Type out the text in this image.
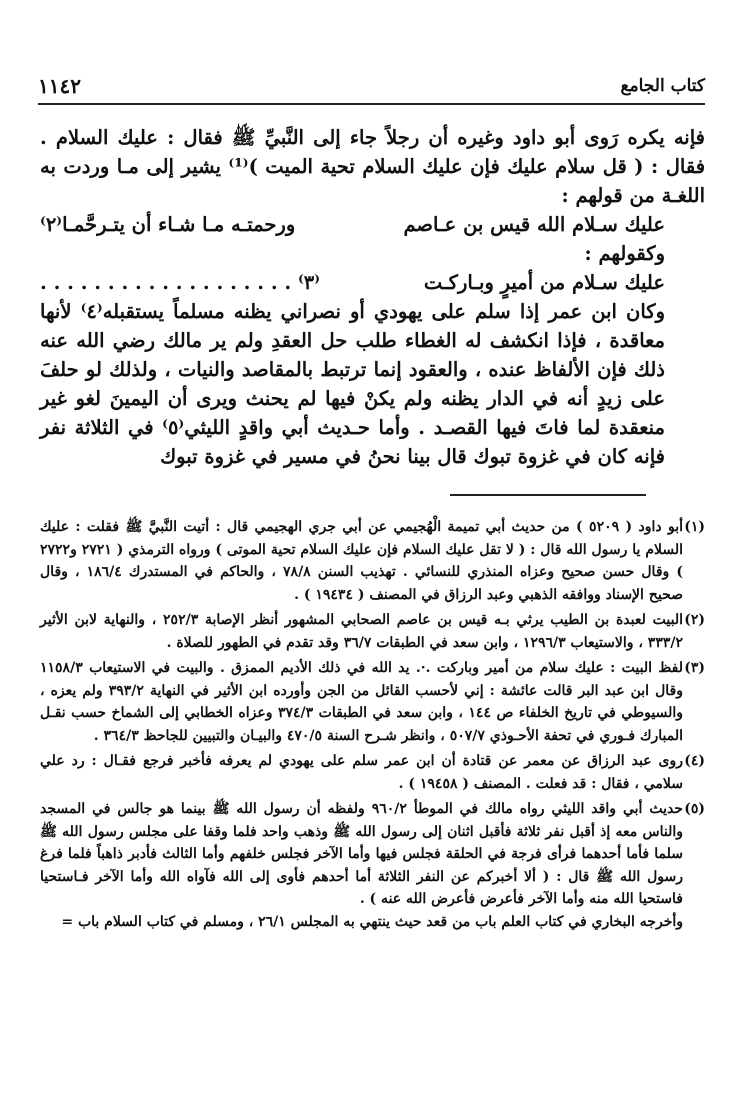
كتاب الجامع
١١٤٢

فإنه يكره رَوى أبو داود وغيره أن رجلاً جاء إلى النَّبيِّ ﷺ فقال : عليك السلام . فقال : ( قل سلام عليك فإن عليك السلام تحية الميت )⁽¹⁾ يشير إلى مـا وردت به اللغـة من قولهم :

عليك سـلام الله قيس بن عـاصم
ورحمتـه مـا شـاء أن يتـرحَّمـا⁽٢⁾

وكقولهم :

عليك سـلام من أميرٍ وبـاركـت
⁽٣⁾ . . . . . . . . . . . . . . . . . . .

وكان ابن عمر إذا سلم على يهودي أو نصراني يظنه مسلماً يستقبله⁽٤⁾ لأنها معاقدة ، فإذا انكشف له الغطاء طلب حل العقدِ ولم ير مالك رضي الله عنه ذلك فإن الألفاظ عنده ، والعقود إنما ترتبط بالمقاصد والنيات ، ولذلك لو حلفَ على زيدٍ أنه في الدار يظنه ولم يكنْ فيها لم يحنث ويرى أن اليمينَ لغو غير منعقدة لما فاتَ فيها القصـد . وأما حـديث أبي واقدٍ الليثي⁽٥⁾ في الثلاثة نفر فإنه كان في غزوة تبوك قال بينا نحنُ في مسير في غزوة تبوك

(١)
أبو داود ( ٥٢٠٩ ) من حديث أبي تميمة الْهُجيمي عن أبي جري الهجيمي قال : أتيت النَّبيَّ ﷺ فقلت : عليك السلام يا رسول الله قال : ( لا تقل عليك السلام فإن عليك السلام تحية الموتى ) ورواه الترمذي ( ٢٧٢١ و٢٧٢٢ ) وقال حسن صحيح وعزاه المنذري للنسائي . تهذيب السنن ٧٨/٨ ، والحاكم في المستدرك ١٨٦/٤ ، وقال صحيح الإسناد ووافقه الذهبي وعبد الرزاق في المصنف ( ١٩٤٣٤ ) .
(٢)
البيت لعبدة بن الطيب يرثي بـه قيس بن عاصم الصحابي المشهور أنظر الإصابة ٢٥٢/٣ ، والنهاية لابن الأثير ٣٣٣/٢ ، والاستيعاب ١٢٩٦/٣ ، وابن سعد في الطبقات ٣٦/٧ وقد تقدم في الطهور للصلاة .
(٣)
لفظ البيت : عليك سلام من أمير وباركت .·. يد الله في ذلك الأديم الممزق . والبيت في الاستيعاب ١١٥٨/٣ وقال ابن عبد البر قالت عائشة : إني لأحسب القائل من الجن وأورده ابن الأثير في النهاية ٣٩٣/٢ ولم يعزه ، والسيوطي في تاريخ الخلفاء ص ١٤٤ ، وابن سعد في الطبقات ٣٧٤/٣ وعزاه الخطابي إلى الشماخ حسب نقـل المبارك فـوري في تحفة الأحـوذي ٥٠٧/٧ ، وانظر شـرح السنة ٤٧٠/٥ والبيـان والتبيين للجاحظ ٣٦٤/٣ .
(٤)
روى عبد الرزاق عن معمر عن قتادة أن ابن عمر سلم على يهودي لم يعرفه فأخبر فرجع فقـال : رد علي سلامي ، فقال : قد فعلت . المصنف ( ١٩٤٥٨ ) .
(٥)
حديث أبي واقد الليثي رواه مالك في الموطأ ٩٦٠/٢ ولفظه أن رسول الله ﷺ بينما هو جالس في المسجد والناس معه إذ أقبل نفر ثلاثة فأقبل اثنان إلى رسول الله ﷺ وذهب واحد فلما وقفا على مجلس رسول الله ﷺ سلما فأما أحدهما فرأى فرجة في الحلقة فجلس فيها وأما الآخر فجلس خلفهم وأما الثالث فأدبر ذاهباً فلما فرغ رسول الله ﷺ قال : ( ألا أخبركم عن النفر الثلاثة أما أحدهم فأوى إلى الله فآواه الله وأما الآخر فـاستحيا فاستحيا الله منه وأما الآخر فأعرض فأعرض الله عنه ) .
وأخرجه البخاري في كتاب العلم باب من قعد حيث ينتهي به المجلس ٢٦/١ ، ومسلم في كتاب السلام باب =
